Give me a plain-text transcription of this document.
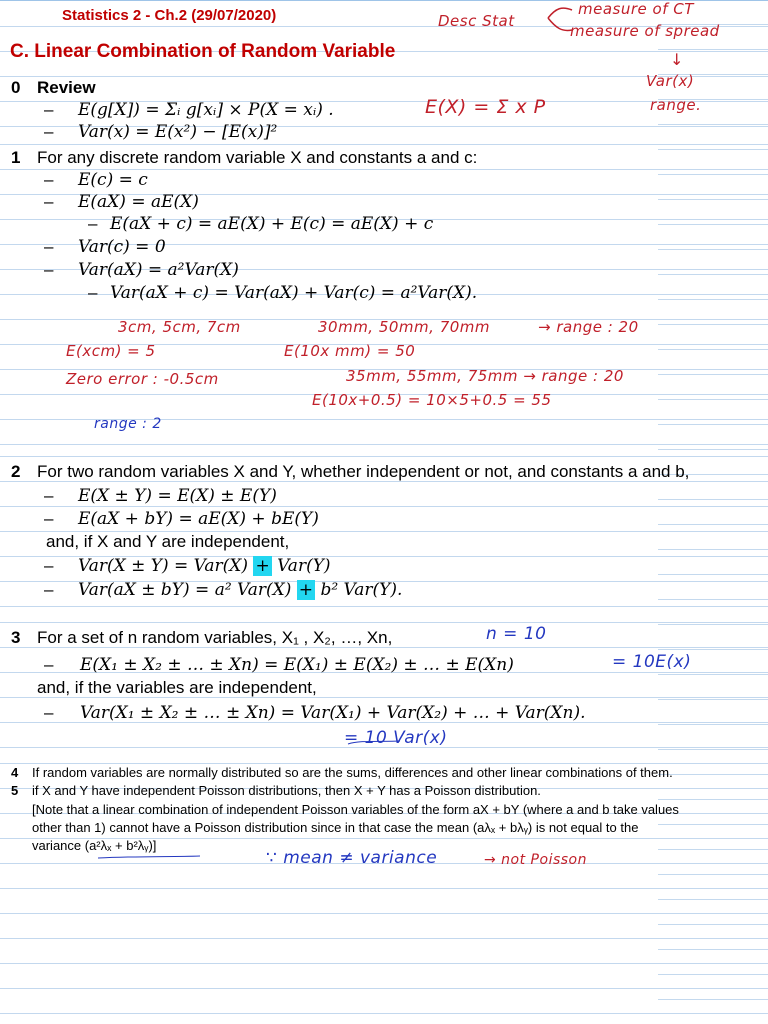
Statistics 2 - Ch.2 (29/07/2020)
C. Linear Combination of Random Variable
0 Review
– E(g[X]) = Σᵢ g[xᵢ] × P(X = xᵢ) .
– Var(x) = E(x²) − [E(x)]²
1 For any discrete random variable X and constants a and c:
– E(c) = c
– E(aX) = aE(X)
– E(aX + c) = aE(X) + E(c) = aE(X) + c
– Var(c) = 0
– Var(aX) = a²Var(X)
– Var(aX + c) = Var(aX) + Var(c) = a²Var(X).
Desc Stat
measure of CT
measure of spread
↓
Var(x)
range.
E(X) = Σ x P
3cm, 5cm, 7cm	30mm, 50mm, 70mm	→ range : 20
E(xcm) = 5	E(10x mm) = 50
Zero error : -0.5cm	35mm, 55mm, 75mm → range : 20
E(10x+0.5) = 10×5+0.5 = 55
range : 2
2 For two random variables X and Y, whether independent or not, and constants a and b,
– E(X ± Y) = E(X) ± E(Y)
– E(aX + bY) = aE(X) + bE(Y)
and, if X and Y are independent,
– Var(X ± Y) = Var(X) + Var(Y)
– Var(aX ± bY) = a² Var(X) + b² Var(Y).
3 For a set of n random variables, X₁ , X₂, …, Xn,	n = 10
– E(X₁ ± X₂ ± … ± Xn) = E(X₁) ± E(X₂) ± … ± E(Xn)	= 10E(x)
and, if the variables are independent,
– Var(X₁ ± X₂ ± … ± Xn) = Var(X₁) + Var(X₂) + … + Var(Xn).
= 10 Var(x)
4 If random variables are normally distributed so are the sums, differences and other linear combinations of them.
5 if X and Y have independent Poisson distributions, then X + Y has a Poisson distribution.
[Note that a linear combination of independent Poisson variables of the form aX + bY (where a and b take values
other than 1) cannot have a Poisson distribution since in that case the mean (aλₓ + bλᵧ) is not equal to the
variance (a²λₓ + b²λᵧ)]
∵ mean ≠ variance	→ not Poisson
